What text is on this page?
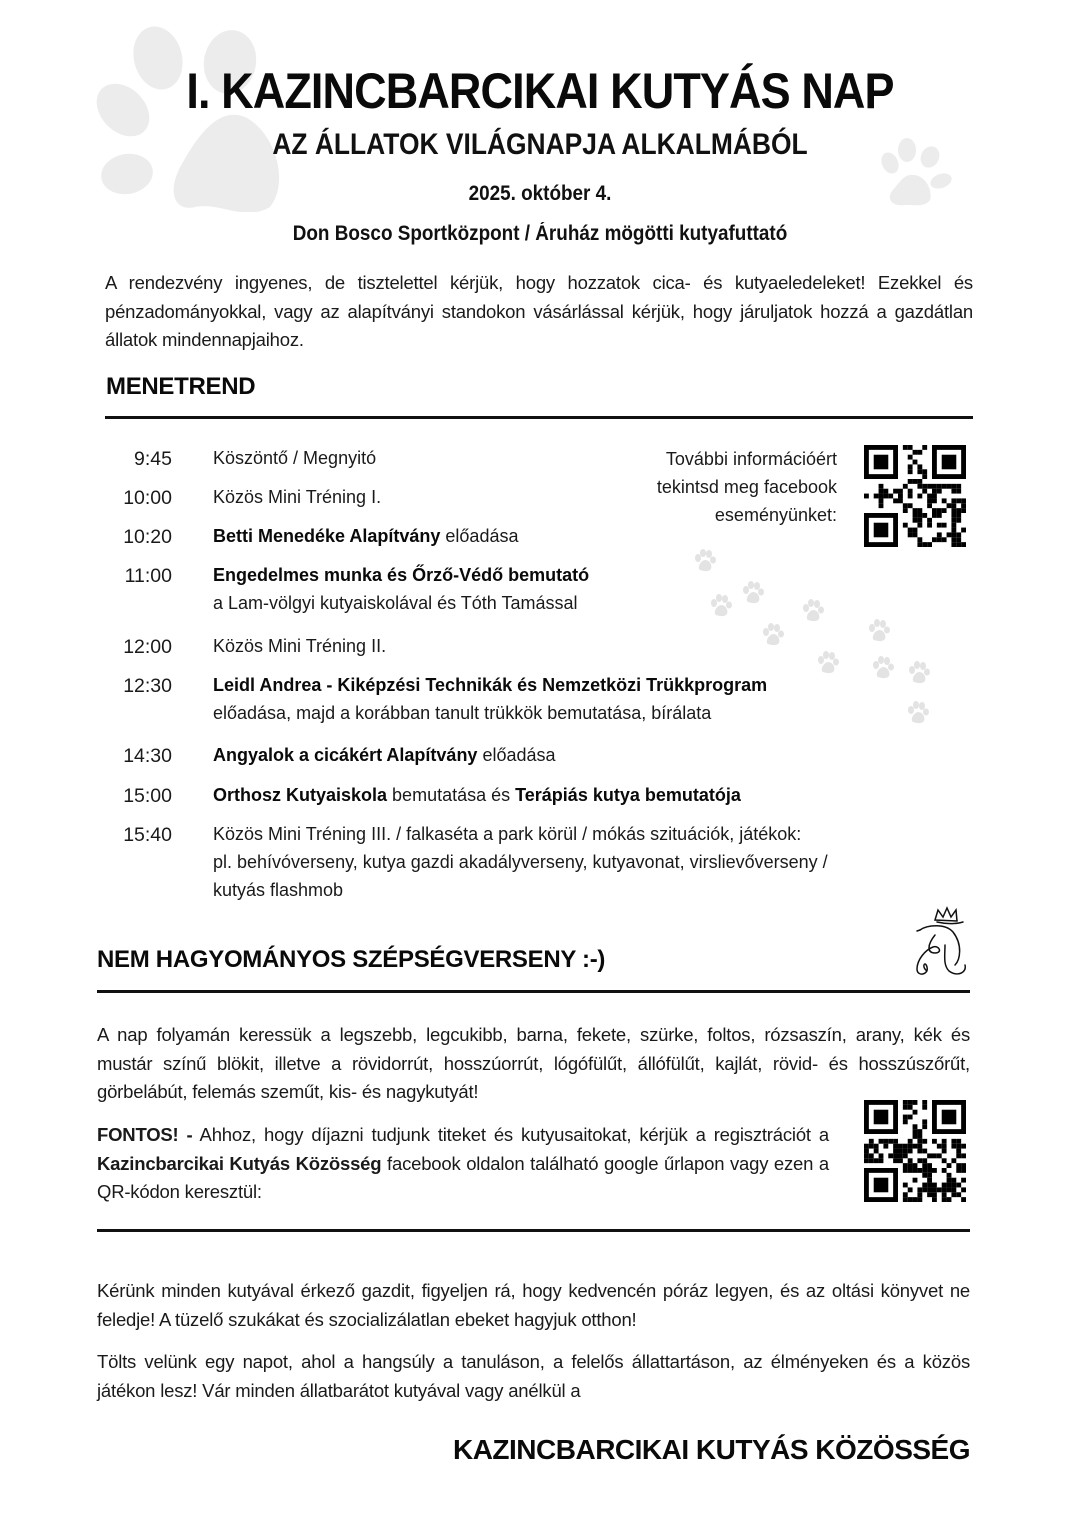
I. KAZINCBARCIKAI KUTYÁS NAP
AZ ÁLLATOK VILÁGNAPJA ALKALMÁBÓL
2025. október 4.
Don Bosco Sportközpont / Áruház mögötti kutyafuttató
A rendezvény ingyenes, de tisztelettel kérjük, hogy hozzatok cica- és kutyaeledeleket! Ezekkel és pénzadományokkal, vagy az alapítványi standokon vásárlással kérjük, hogy járuljatok hozzá a gazdátlan állatok mindennapjaihoz.
MENETREND
További információért tekintsd meg facebook eseményünket:
9:45 Köszöntő / Megnyitó
10:00 Közös Mini Tréning I.
10:20 Betti Menedéke Alapítvány előadása
11:00 Engedelmes munka és Őrző-Védő bemutató
a Lam-völgyi kutyaiskolával és Tóth Tamással
12:00 Közös Mini Tréning II.
12:30 Leidl Andrea - Kiképzési Technikák és Nemzetközi Trükkprogram
előadása, majd a korábban tanult trükkök bemutatása, bírálata
14:30 Angyalok a cicákért Alapítvány előadása
15:00 Orthosz Kutyaiskola bemutatása és Terápiás kutya bemutatója
15:40 Közös Mini Tréning III. / falkaséta a park körül / mókás szituációk, játékok:
pl. behívóverseny, kutya gazdi akadályverseny, kutyavonat, virslievőverseny /
kutyás flashmob
NEM HAGYOMÁNYOS SZÉPSÉGVERSENY :-)
A nap folyamán keressük a legszebb, legcukibb, barna, fekete, szürke, foltos, rózsaszín, arany, kék és mustár színű blökit, illetve a rövidorrút, hosszúorrút, lógófülűt, állófülűt, kajlát, rövid- és hosszúszőrűt, görbelábút, felemás szeműt, kis- és nagykutyát!
FONTOS! - Ahhoz, hogy díjazni tudjunk titeket és kutyusaitokat, kérjük a regisztrációt a Kazincbarcikai Kutyás Közösség facebook oldalon található google űrlapon vagy ezen a QR-kódon keresztül:
Kérünk minden kutyával érkező gazdit, figyeljen rá, hogy kedvencén póráz legyen, és az oltási könyvet ne feledje! A tüzelő szukákat és szocializálatlan ebeket hagyjuk otthon!
Tölts velünk egy napot, ahol a hangsúly a tanuláson, a felelős állattartáson, az élményeken és a közös játékon lesz! Vár minden állatbarátot kutyával vagy anélkül a
KAZINCBARCIKAI KUTYÁS KÖZÖSSÉG
